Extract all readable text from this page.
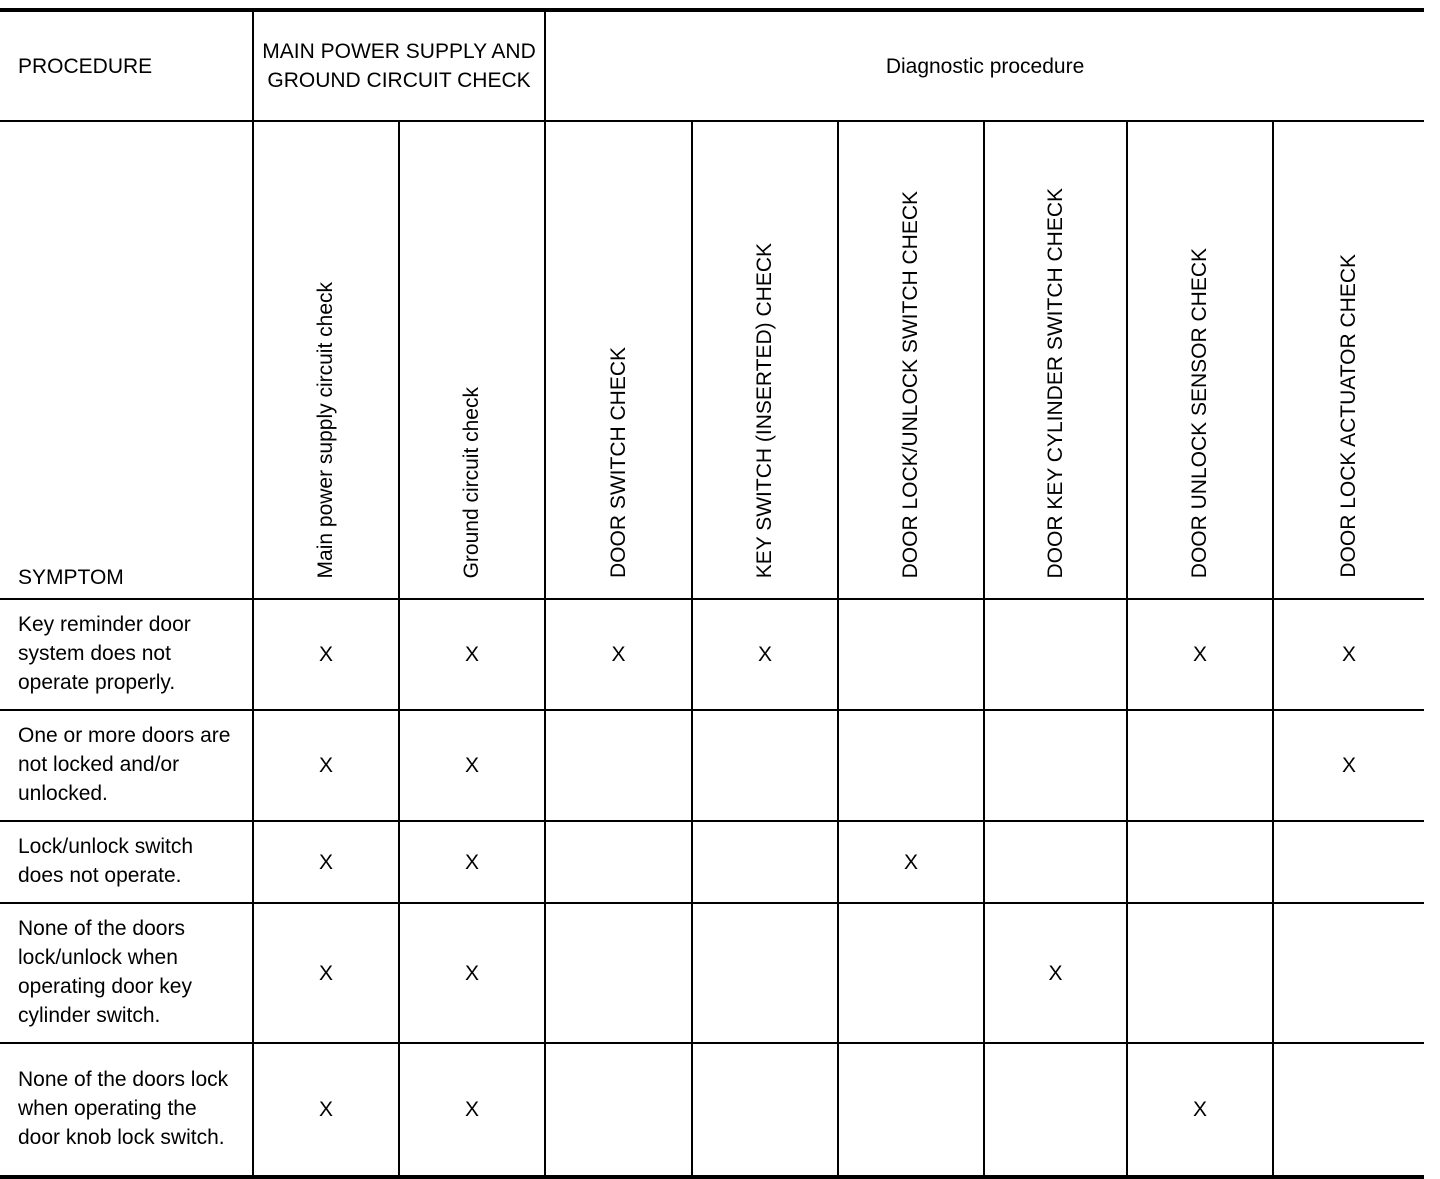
PROCEDURE	MAIN POWER SUPPLY AND GROUND CIRCUIT CHECK		Diagnostic procedure					
SYMPTOM	Main power supply circuit check	Ground circuit check	DOOR SWITCH CHECK	KEY SWITCH (INSERTED) CHECK	DOOR LOCK/UNLOCK SWITCH CHECK	DOOR KEY CYLINDER SWITCH CHECK	DOOR UNLOCK SENSOR CHECK	DOOR LOCK ACTUATOR CHECK
Key reminder door system does not operate properly.	X	X	X	X			X	X
One or more doors are not locked and/or unlocked.	X	X						X
Lock/unlock switch does not operate.	X	X			X			
None of the doors lock/unlock when operating door key cylinder switch.	X	X				X		
None of the doors lock when operating the door knob lock switch.	X	X					X	
